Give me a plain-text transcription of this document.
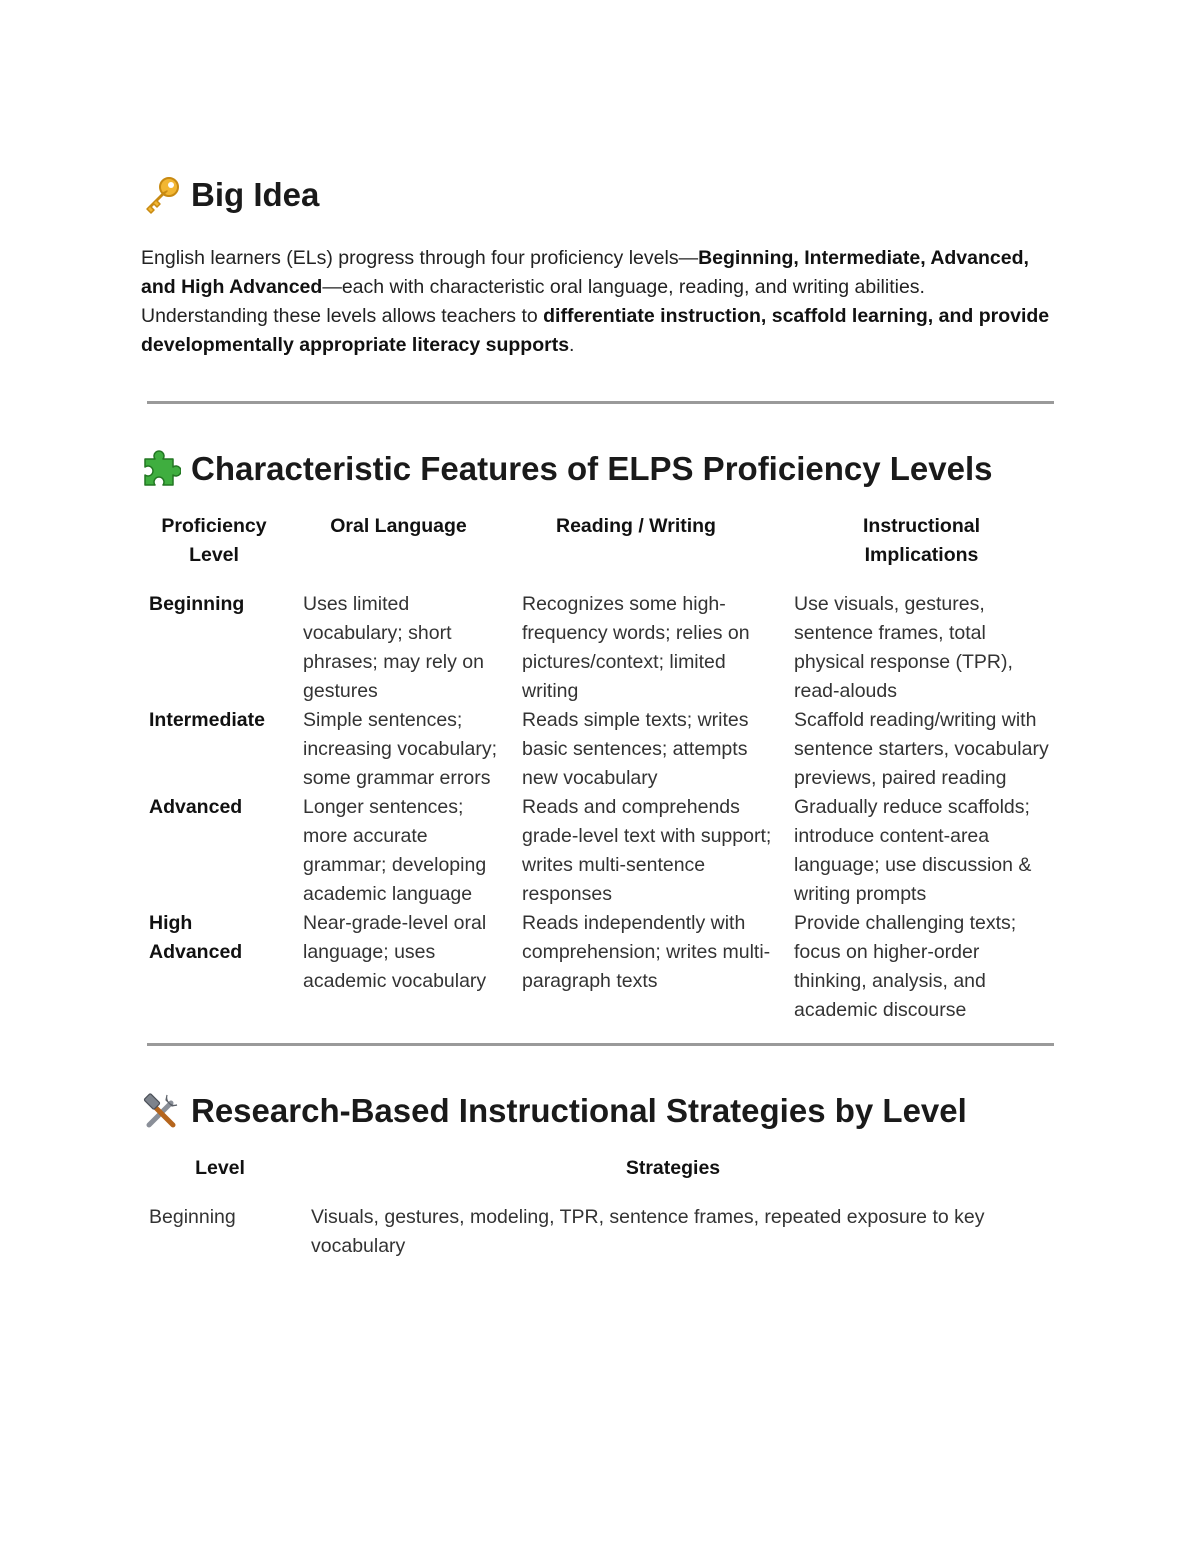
Big Idea

English learners (ELs) progress through four proficiency levels—Beginning, Intermediate, Advanced, and High Advanced—each with characteristic oral language, reading, and writing abilities. Understanding these levels allows teachers to differentiate instruction, scaffold learning, and provide developmentally appropriate literacy supports.

Characteristic Features of ELPS Proficiency Levels
Proficiency Level	Oral Language	Reading / Writing	Instructional Implications
Beginning	Uses limited vocabulary; short phrases; may rely on gestures	Recognizes some high-frequency words; relies on pictures/context; limited writing	Use visuals, gestures, sentence frames, total physical response (TPR), read-alouds
Intermediate	Simple sentences; increasing vocabulary; some grammar errors	Reads simple texts; writes basic sentences; attempts new vocabulary	Scaffold reading/writing with sentence starters, vocabulary previews, paired reading
Advanced	Longer sentences; more accurate grammar; developing academic language	Reads and comprehends grade-level text with support; writes multi-sentence responses	Gradually reduce scaffolds; introduce content-area language; use discussion & writing prompts
High Advanced	Near-grade-level oral language; uses academic vocabulary	Reads independently with comprehension; writes multi-paragraph texts	Provide challenging texts; focus on higher-order thinking, analysis, and academic discourse
Research-Based Instructional Strategies by Level
Level	Strategies
Beginning	Visuals, gestures, modeling, TPR, sentence frames, repeated exposure to key vocabulary
